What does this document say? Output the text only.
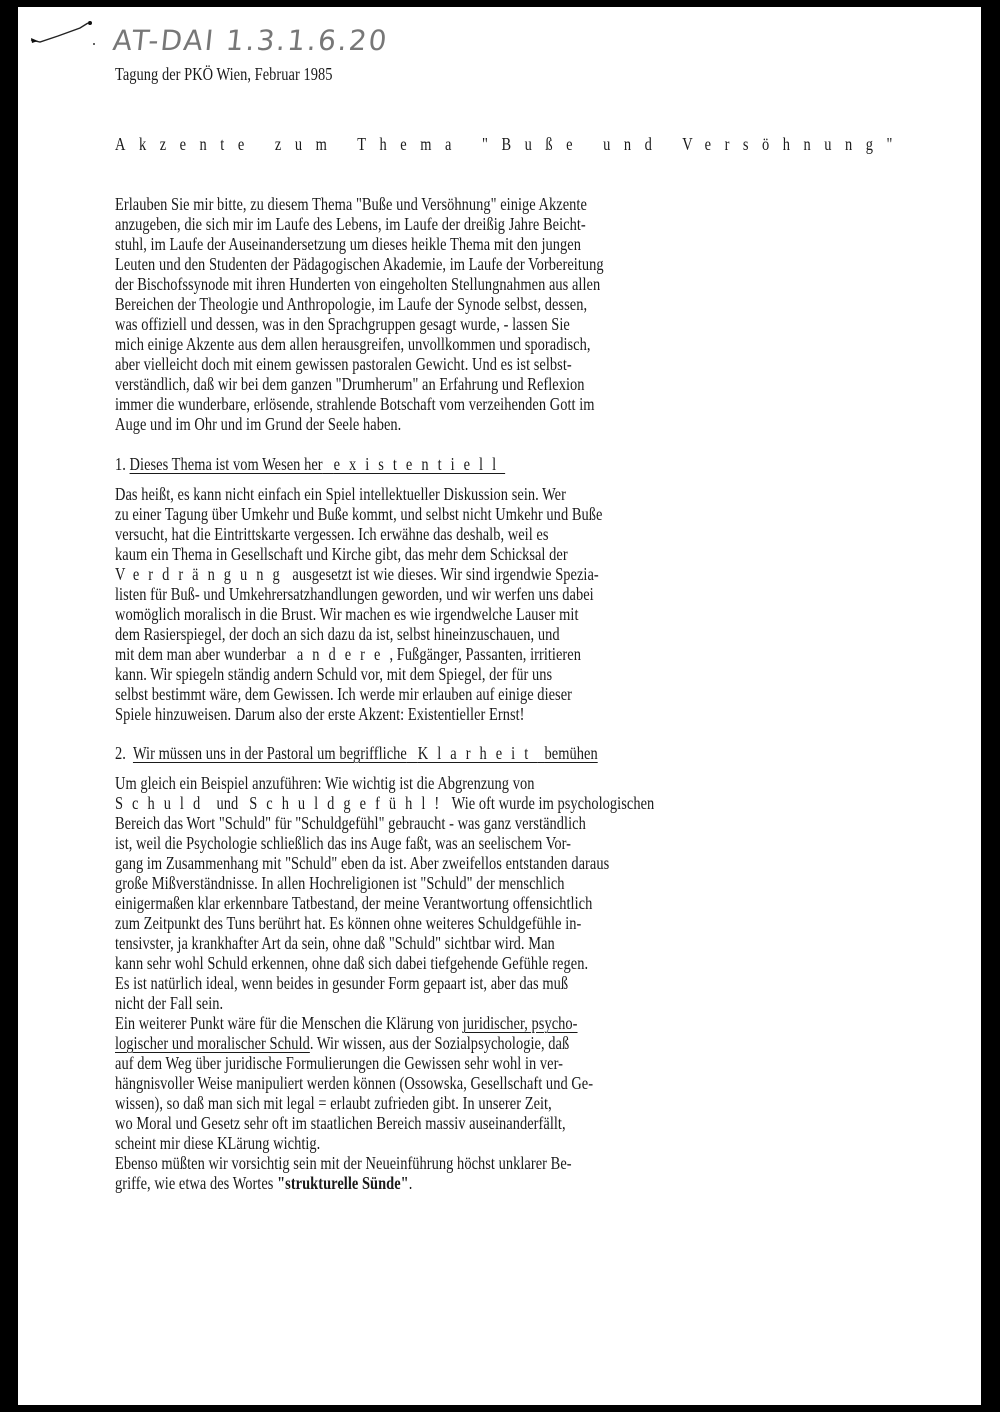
AT-DAI 1.3.1.6.20
Tagung der PKÖ Wien, Februar 1985
Akzente zum Thema "Buße und Versöhnung"
Erlauben Sie mir bitte, zu diesem Thema "Buße und Versöhnung" einige Akzente
anzugeben, die sich mir im Laufe des Lebens, im Laufe der dreißig Jahre Beicht-
stuhl, im Laufe der Auseinandersetzung um dieses heikle Thema mit den jungen
Leuten und den Studenten der Pädagogischen Akademie, im Laufe der Vorbereitung
der Bischofssynode mit ihren Hunderten von eingeholten Stellungnahmen aus allen
Bereichen der Theologie und Anthropologie, im Laufe der Synode selbst, dessen,
was offiziell und dessen, was in den Sprachgruppen gesagt wurde, - lassen Sie
mich einige Akzente aus dem allen herausgreifen, unvollkommen und sporadisch,
aber vielleicht doch mit einem gewissen pastoralen Gewicht. Und es ist selbst-
verständlich, daß wir bei dem ganzen "Drumherum" an Erfahrung und Reflexion
immer die wunderbare, erlösende, strahlende Botschaft vom verzeihenden Gott im
Auge und im Ohr und im Grund der Seele haben.
1. Dieses Thema ist vom Wesen her existentiell
Das heißt, es kann nicht einfach ein Spiel intellektueller Diskussion sein. Wer
zu einer Tagung über Umkehr und Buße kommt, und selbst nicht Umkehr und Buße
versucht, hat die Eintrittskarte vergessen. Ich erwähne das deshalb, weil es
kaum ein Thema in Gesellschaft und Kirche gibt, das mehr dem Schicksal der
Verdrängung ausgesetzt ist wie dieses. Wir sind irgendwie Spezia-
listen für Buß- und Umkehrersatzhandlungen geworden, und wir werfen uns dabei
womöglich moralisch in die Brust. Wir machen es wie irgendwelche Lauser mit
dem Rasierspiegel, der doch an sich dazu da ist, selbst hineinzuschauen, und
mit dem man aber wunderbar   andere, Fußgänger, Passanten, irritieren
kann. Wir spiegeln ständig andern Schuld vor, mit dem Spiegel, der für uns
selbst bestimmt wäre, dem Gewissen. Ich werde mir erlauben auf einige dieser
Spiele hinzuweisen. Darum also der erste Akzent: Existentieller Ernst!
2. Wir müssen uns in der Pastoral um begriffliche Klarheit bemühen
Um gleich ein Beispiel anzuführen: Wie wichtig ist die Abgrenzung von
Schuld und Schuldgefühl! Wie oft wurde im psychologischen
Bereich das Wort "Schuld" für "Schuldgefühl" gebraucht - was ganz verständlich
ist, weil die Psychologie schließlich das ins Auge faßt, was an seelischem Vor-
gang im Zusammenhang mit "Schuld" eben da ist. Aber zweifellos entstanden daraus
große Mißverständnisse. In allen Hochreligionen ist "Schuld" der menschlich
einigermaßen klar erkennbare Tatbestand, der meine Verantwortung offensichtlich
zum Zeitpunkt des Tuns berührt hat. Es können ohne weiteres Schuldgefühle in-
tensivster, ja krankhafter Art da sein, ohne daß "Schuld" sichtbar wird. Man
kann sehr wohl Schuld erkennen, ohne daß sich dabei tiefgehende Gefühle regen.
Es ist natürlich ideal, wenn beides in gesunder Form gepaart ist, aber das muß
nicht der Fall sein.
Ein weiterer Punkt wäre für die Menschen die Klärung von juridischer, psycho-
logischer und moralischer Schuld. Wir wissen, aus der Sozialpsychologie, daß
auf dem Weg über juridische Formulierungen die Gewissen sehr wohl in ver-
hängnisvoller Weise manipuliert werden können (Ossowska, Gesellschaft und Ge-
wissen), so daß man sich mit legal = erlaubt zufrieden gibt. In unserer Zeit,
wo Moral und Gesetz sehr oft im staatlichen Bereich massiv auseinanderfällt,
scheint mir diese KLärung wichtig.
Ebenso müßten wir vorsichtig sein mit der Neueinführung höchst unklarer Be-
griffe, wie etwa des Wortes "strukturelle Sünde".
